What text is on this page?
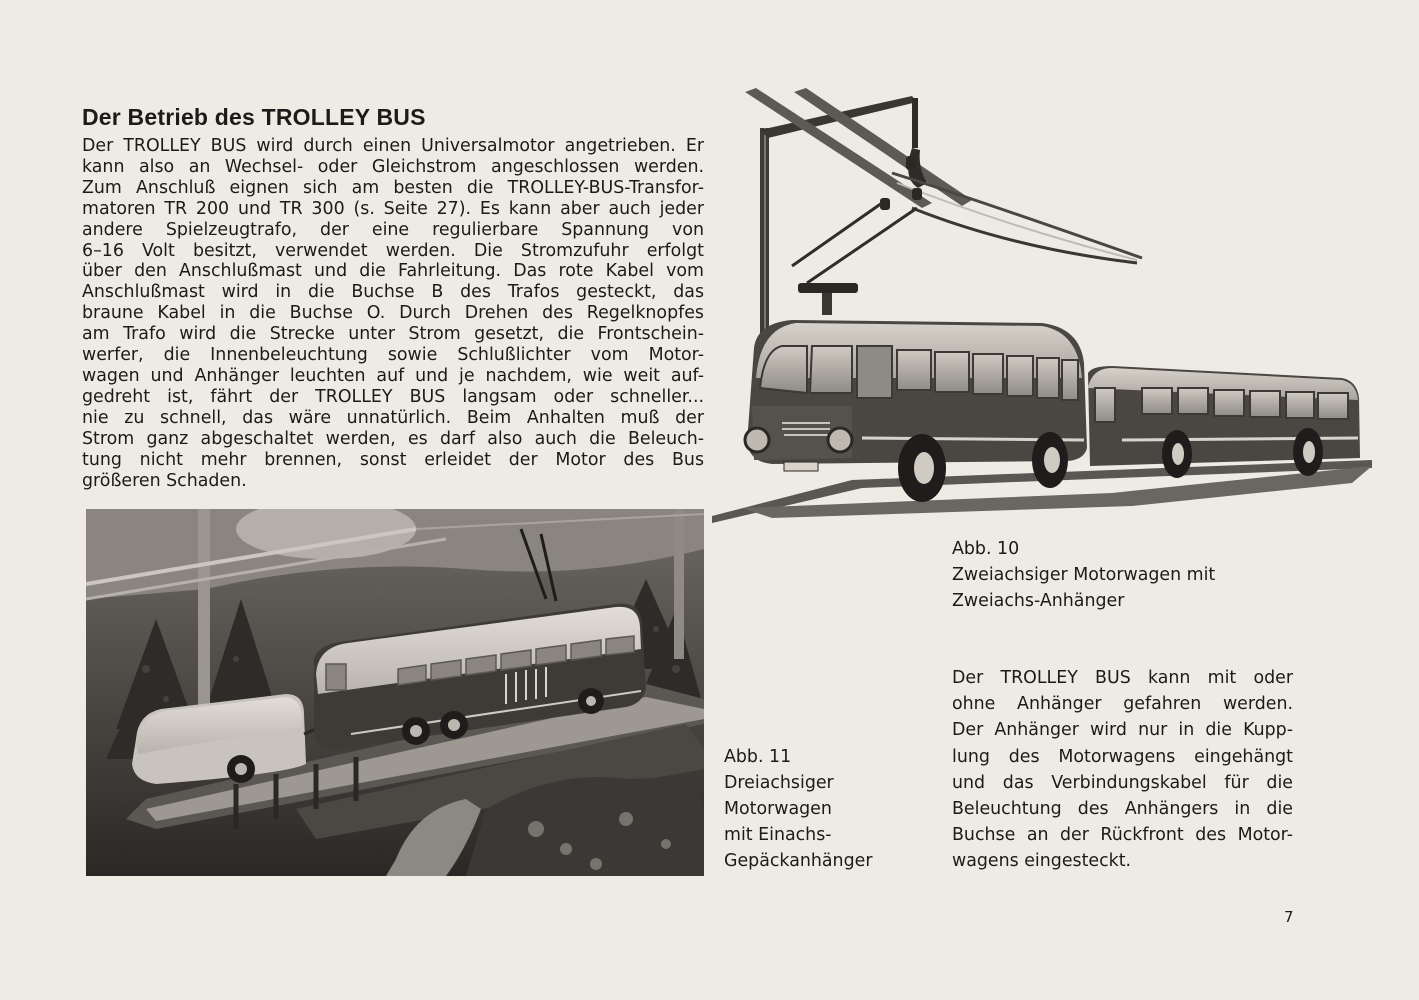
Der Betrieb des TROLLEY BUS

Der TROLLEY BUS wird durch einen Universalmotor angetrieben. Er
kann also an Wechsel- oder Gleichstrom angeschlossen werden.
Zum Anschluß eignen sich am besten die TROLLEY-BUS-Transfor-
matoren TR 200 und TR 300 (s. Seite 27). Es kann aber auch jeder
andere Spielzeugtrafo, der eine regulierbare Spannung von
6–16 Volt besitzt, verwendet werden. Die Stromzufuhr erfolgt
über den Anschlußmast und die Fahrleitung. Das rote Kabel vom
Anschlußmast wird in die Buchse B des Trafos gesteckt, das
braune Kabel in die Buchse O. Durch Drehen des Regelknopfes
am Trafo wird die Strecke unter Strom gesetzt, die Frontschein-
werfer, die Innenbeleuchtung sowie Schlußlichter vom Motor-
wagen und Anhänger leuchten auf und je nachdem, wie weit auf-
gedreht ist, fährt der TROLLEY BUS langsam oder schneller...
nie zu schnell, das wäre unnatürlich. Beim Anhalten muß der
Strom ganz abgeschaltet werden, es darf also auch die Beleuch-
tung nicht mehr brennen, sonst erleidet der Motor des Bus
größeren Schaden.

Abb. 10
Zweiachsiger Motorwagen mit
Zweiachs-Anhänger
Abb. 11
Dreiachsiger
Motorwagen
mit Einachs-
Gepäckanhänger

Der TROLLEY BUS kann mit oder
ohne Anhänger gefahren werden.
Der Anhänger wird nur in die Kupp-
lung des Motorwagens eingehängt
und das Verbindungskabel für die
Beleuchtung des Anhängers in die
Buchse an der Rückfront des Motor-
wagens eingesteckt.

7
